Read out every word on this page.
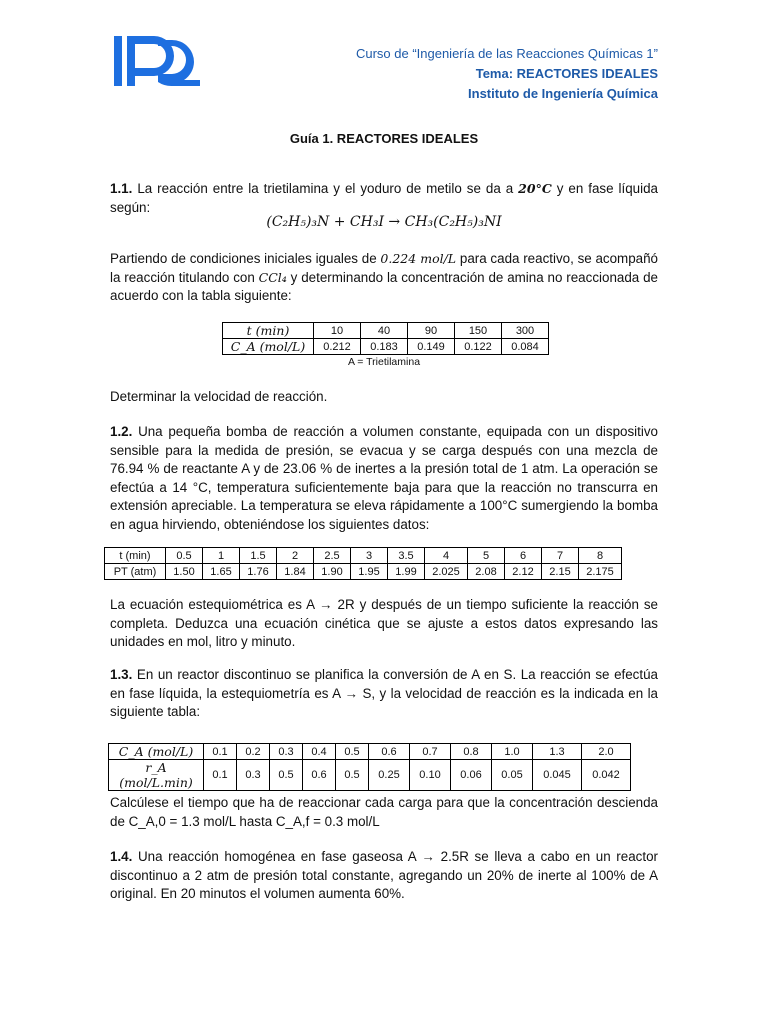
Curso de “Ingeniería de las Reacciones Químicas 1”
Tema: REACTORES IDEALES
Instituto de Ingeniería Química
Guía 1. REACTORES IDEALES
1.1. La reacción entre la trietilamina y el yoduro de metilo se da a 20°C y en fase líquida según:
(C₂H₅)₃N + CH₃I → CH₃(C₂H₅)₃NI
Partiendo de condiciones iniciales iguales de 0.224 mol/L para cada reactivo, se acompañó la reacción titulando con CCl₄ y determinando la concentración de amina no reaccionada de acuerdo con la tabla siguiente:
t (min)	10	40	90	150	300
C_A (mol/L)	0.212	0.183	0.149	0.122	0.084
A = Trietilamina
Determinar la velocidad de reacción.
1.2. Una pequeña bomba de reacción a volumen constante, equipada con un dispositivo sensible para la medida de presión, se evacua y se carga después con una mezcla de 76.94 % de reactante A y de 23.06 % de inertes a la presión total de 1 atm. La operación se efectúa a 14 °C, temperatura suficientemente baja para que la reacción no transcurra en extensión apreciable. La temperatura se eleva rápidamente a 100°C sumergiendo la bomba en agua hirviendo, obteniéndose los siguientes datos:
t (min)	0.5	1	1.5	2	2.5	3	3.5	4	5	6	7	8
PT (atm)	1.50	1.65	1.76	1.84	1.90	1.95	1.99	2.025	2.08	2.12	2.15	2.175
La ecuación estequiométrica es A → 2R y después de un tiempo suficiente la reacción se completa. Deduzca una ecuación cinética que se ajuste a estos datos expresando las unidades en mol, litro y minuto.
1.3. En un reactor discontinuo se planifica la conversión de A en S. La reacción se efectúa en fase líquida, la estequiometría es A → S, y la velocidad de reacción es la indicada en la siguiente tabla:
C_A (mol/L)	0.1	0.2	0.3	0.4	0.5	0.6	0.7	0.8	1.0	1.3	2.0
r_A (mol/L.min)	0.1	0.3	0.5	0.6	0.5	0.25	0.10	0.06	0.05	0.045	0.042
Calcúlese el tiempo que ha de reaccionar cada carga para que la concentración descienda de C_A,0 = 1.3 mol/L hasta C_A,f = 0.3 mol/L
1.4. Una reacción homogénea en fase gaseosa A → 2.5R se lleva a cabo en un reactor discontinuo a 2 atm de presión total constante, agregando un 20% de inerte al 100% de A original. En 20 minutos el volumen aumenta 60%.
